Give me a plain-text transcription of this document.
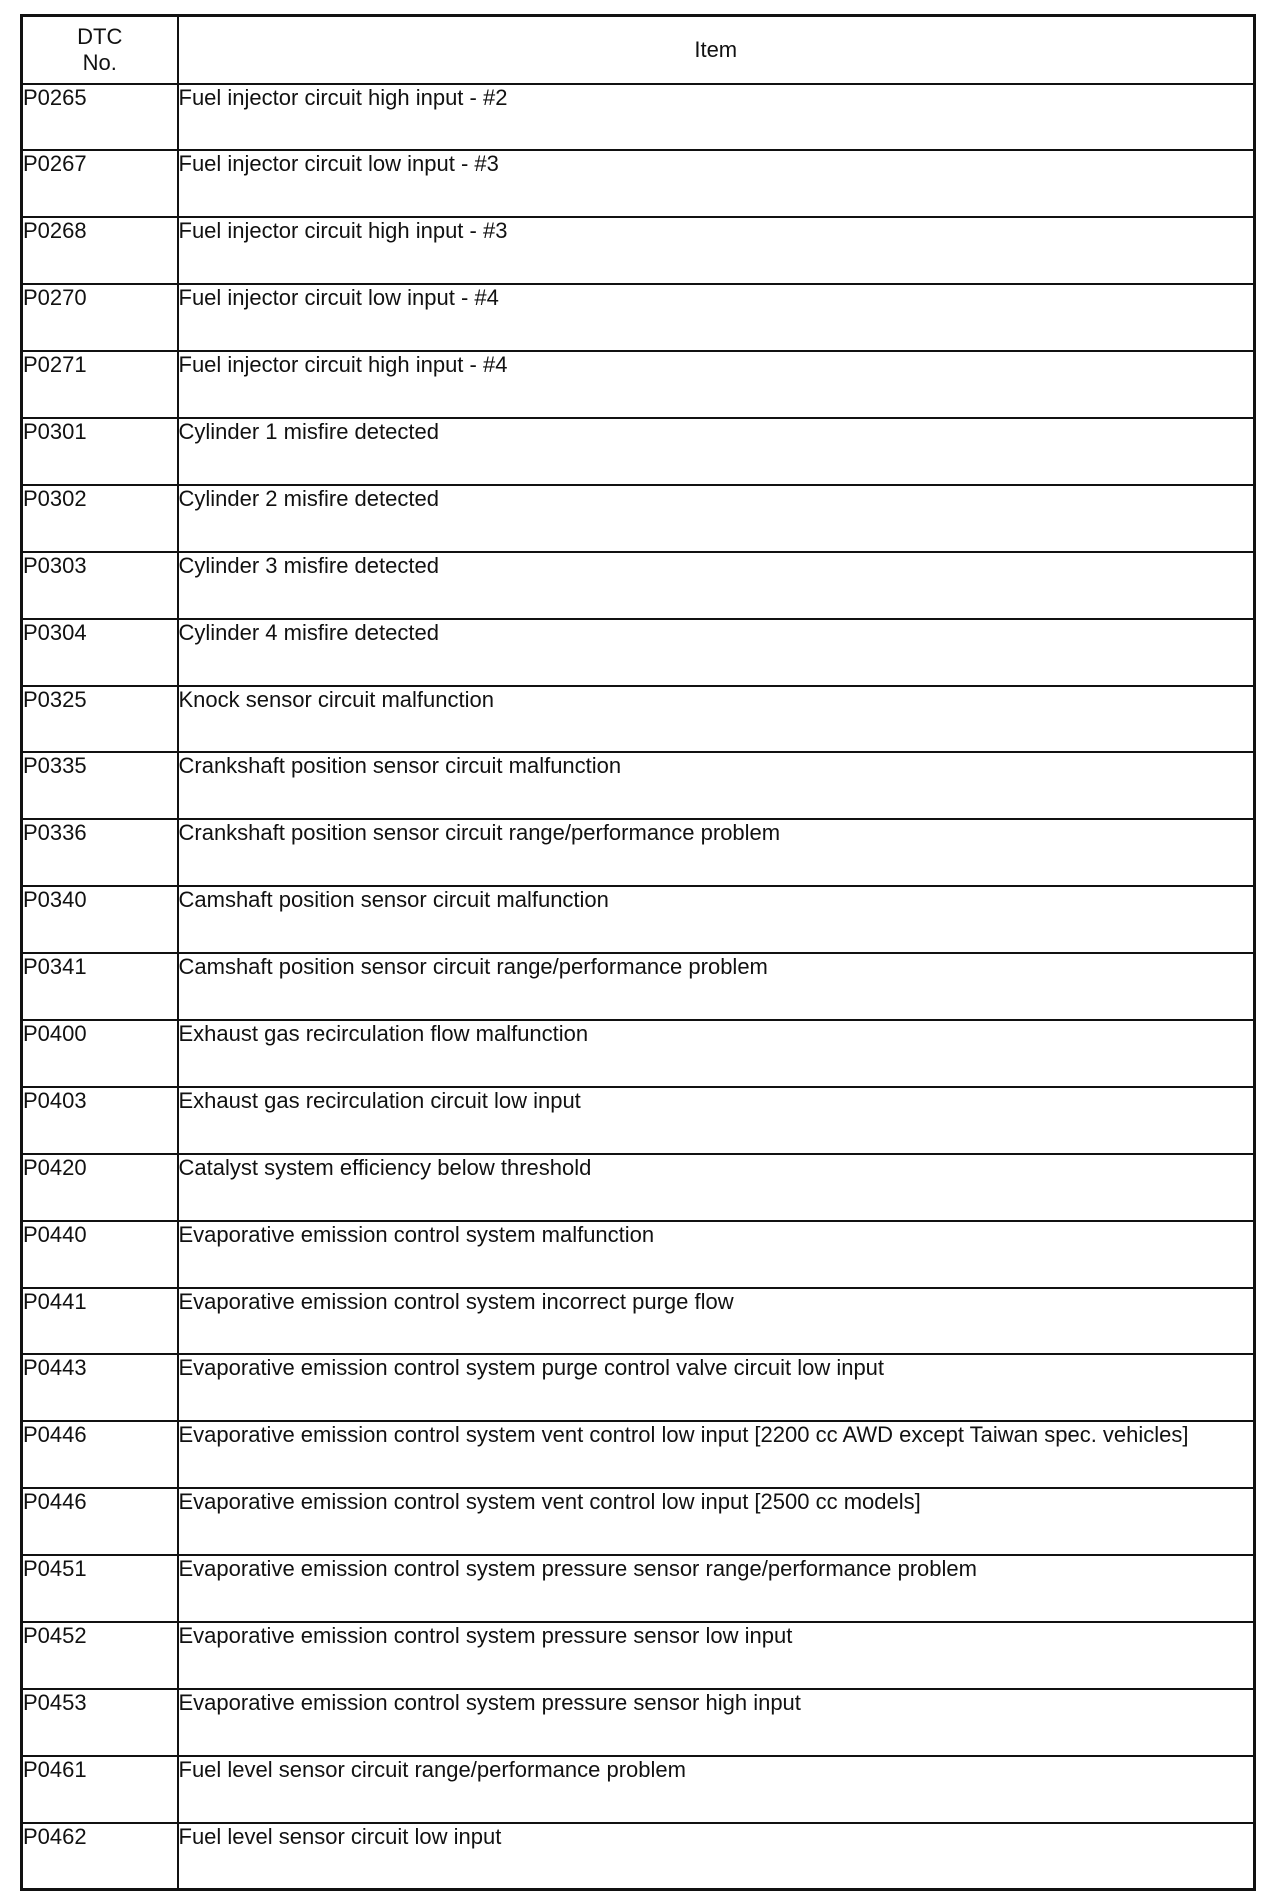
DTC
No.	Item
P0265	Fuel injector circuit high input - #2
P0267	Fuel injector circuit low input - #3
P0268	Fuel injector circuit high input - #3
P0270	Fuel injector circuit low input - #4
P0271	Fuel injector circuit high input - #4
P0301	Cylinder 1 misfire detected
P0302	Cylinder 2 misfire detected
P0303	Cylinder 3 misfire detected
P0304	Cylinder 4 misfire detected
P0325	Knock sensor circuit malfunction
P0335	Crankshaft position sensor circuit malfunction
P0336	Crankshaft position sensor circuit range/performance problem
P0340	Camshaft position sensor circuit malfunction
P0341	Camshaft position sensor circuit range/performance problem
P0400	Exhaust gas recirculation flow malfunction
P0403	Exhaust gas recirculation circuit low input
P0420	Catalyst system efficiency below threshold
P0440	Evaporative emission control system malfunction
P0441	Evaporative emission control system incorrect purge flow
P0443	Evaporative emission control system purge control valve circuit low input
P0446	Evaporative emission control system vent control low input [2200 cc AWD except Taiwan spec. vehicles]
P0446	Evaporative emission control system vent control low input [2500 cc models]
P0451	Evaporative emission control system pressure sensor range/performance problem
P0452	Evaporative emission control system pressure sensor low input
P0453	Evaporative emission control system pressure sensor high input
P0461	Fuel level sensor circuit range/performance problem
P0462	Fuel level sensor circuit low input
